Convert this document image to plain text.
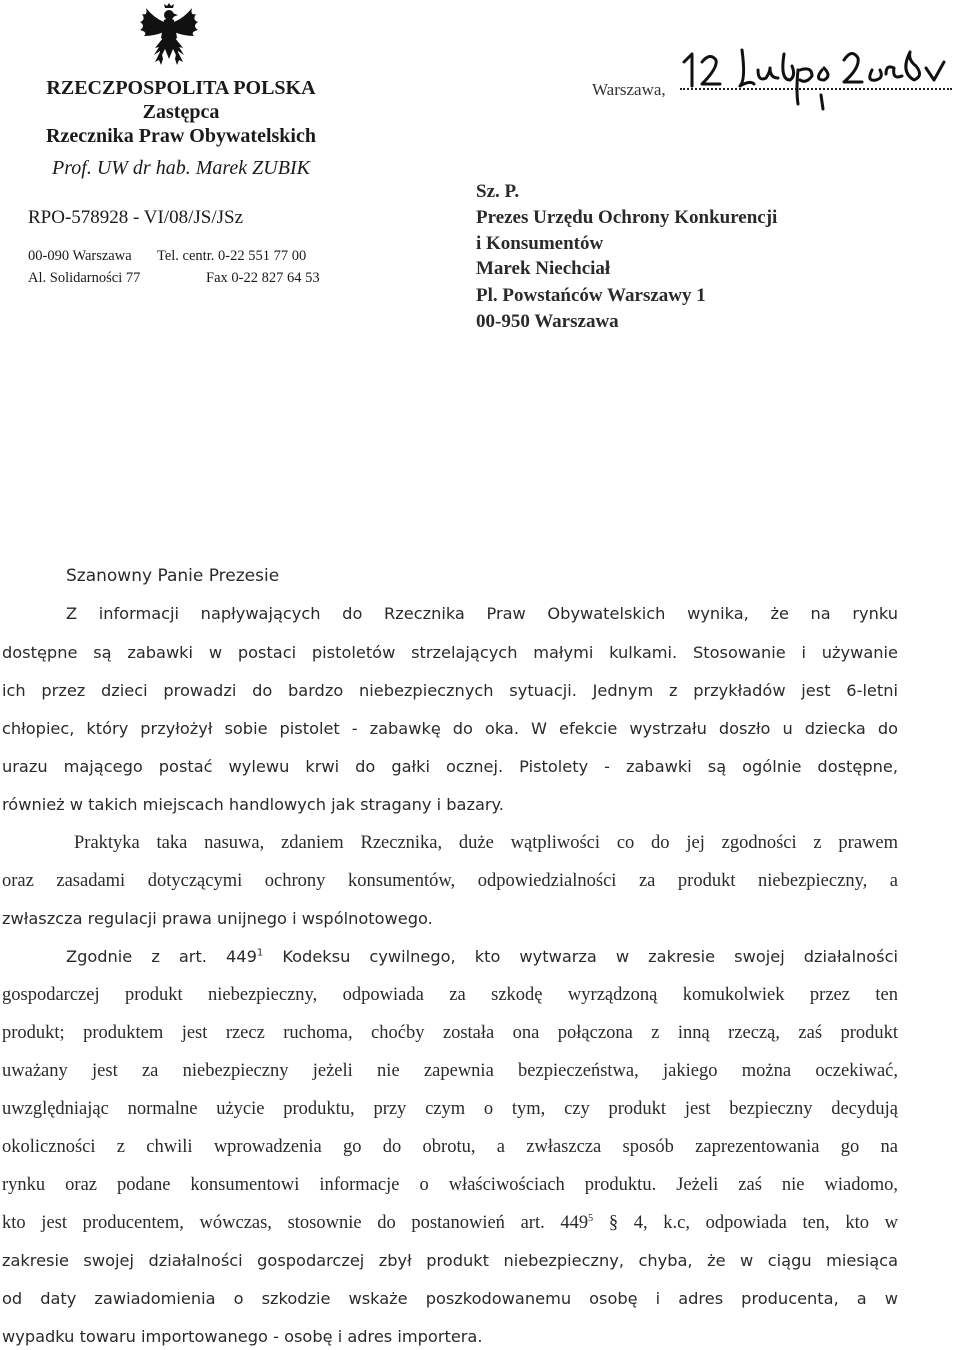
RZECZPOSPOLITA POLSKA
Zastępca
Rzecznika Praw Obywatelskich
Prof. UW dr hab. Marek ZUBIK
RPO-578928 - VI/08/JS/JSz
00-090 Warszawa Tel. centr. 0-22 551 77 00
Al. Solidarności 77	Fax 0-22 827 64 53
Warszawa,
Sz. P.
Prezes Urzędu Ochrony Konkurencji
i Konsumentów
Marek Niechciał
Pl. Powstańców Warszawy 1
00-950 Warszawa
Szanowny Panie Prezesie
Z informacji napływających do Rzecznika Praw Obywatelskich wynika, że na rynku
dostępne są zabawki w postaci pistoletów strzelających małymi kulkami. Stosowanie i używanie
ich przez dzieci prowadzi do bardzo niebezpiecznych sytuacji. Jednym z przykładów jest 6-letni
chłopiec, który przyłożył sobie pistolet - zabawkę do oka. W efekcie wystrzału doszło u dziecka do
urazu mającego postać wylewu krwi do gałki ocznej. Pistolety - zabawki są ogólnie dostępne,
również w takich miejscach handlowych jak stragany i bazary.
Praktyka taka nasuwa, zdaniem Rzecznika, duże wątpliwości co do jej zgodności z prawem
oraz zasadami dotyczącymi ochrony konsumentów, odpowiedzialności za produkt niebezpieczny, a
zwłaszcza regulacji prawa unijnego i wspólnotowego.
Zgodnie z art. $449^1$ Kodeksu cywilnego, kto wytwarza w zakresie swojej działalności
gospodarczej produkt niebezpieczny, odpowiada za szkodę wyrządzoną komukolwiek przez ten
produkt; produktem jest rzecz ruchoma, choćby została ona połączona z inną rzeczą, zaś produkt
uważany jest za niebezpieczny jeżeli nie zapewnia bezpieczeństwa, jakiego można oczekiwać,
uwzględniając normalne użycie produktu, przy czym o tym, czy produkt jest bezpieczny decydują
okoliczności z chwili wprowadzenia go do obrotu, a zwłaszcza sposób zaprezentowania go na
rynku oraz podane konsumentowi informacje o właściwościach produktu. Jeżeli zaś nie wiadomo,
kto jest producentem, wówczas, stosownie do postanowień art. $449^5$ § 4, k.c, odpowiada ten, kto w
zakresie swojej działalności gospodarczej zbył produkt niebezpieczny, chyba, że w ciągu miesiąca
od daty zawiadomienia o szkodzie wskaże poszkodowanemu osobę i adres producenta, a w
wypadku towaru importowanego - osobę i adres importera.
